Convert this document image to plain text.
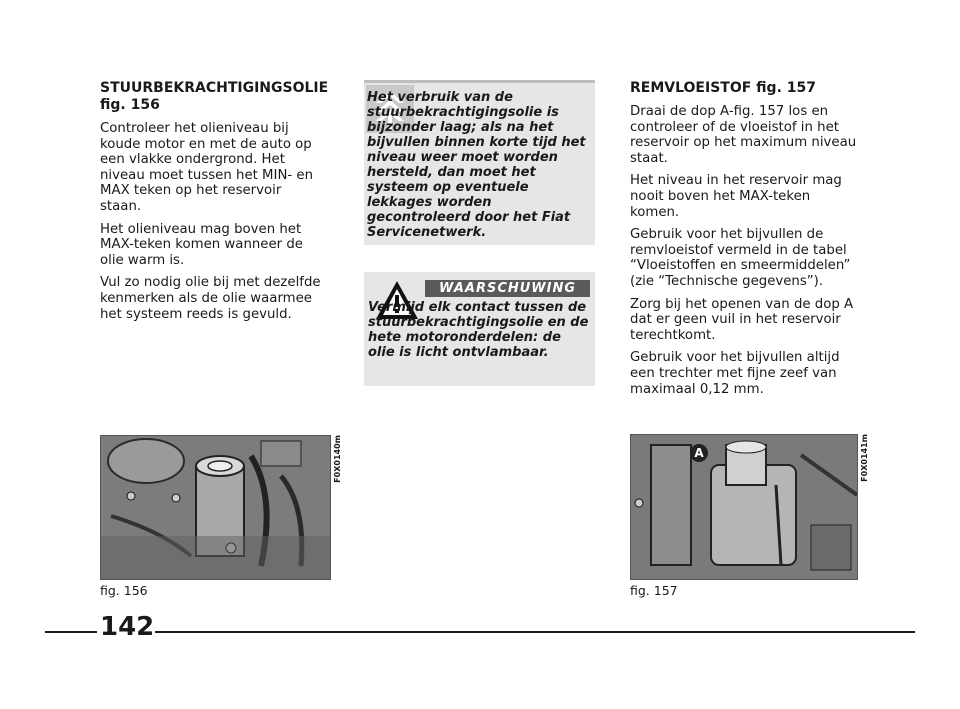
STUURBEKRACHTIGINGSOLIE fig. 156

Controleer het olieniveau bij koude motor en met de auto op een vlakke ondergrond. Het niveau moet tussen het MIN- en MAX teken op het reservoir staan.

Het olieniveau mag boven het MAX-teken komen wanneer de olie warm is.

Vul zo nodig olie bij met dezelfde kenmerken als de olie waarmee het systeem reeds is gevuld.

Het verbruik van de stuurbekrachtigingsolie is bijzonder laag; als na het bijvullen binnen korte tijd het niveau weer moet worden hersteld, dan moet het systeem op eventuele lekkages worden gecontroleerd door het Fiat Servicenetwerk.
WAARSCHUWING
Vermijd elk contact tussen de stuurbekrachtigingsolie en de hete motoronderdelen: de olie is licht ontvlambaar.

REMVLOEISTOF fig. 157

Draai de dop A-fig. 157 los en controleer of de vloeistof in het reservoir op het maximum niveau staat.

Het niveau in het reservoir mag nooit boven het MAX-teken komen.

Gebruik voor het bijvullen de remvloeistof vermeld in de tabel “Vloeistoffen en smeermiddelen” (zie “Technische gegevens”).

Zorg bij het openen van de dop A dat er geen vuil in het reservoir terechtkomt.

Gebruik voor het bijvullen altijd een trechter met fijne zeef van maximaal 0,12 mm.

F0X0140m
fig. 156
A	F0X0141m
fig. 157
142
